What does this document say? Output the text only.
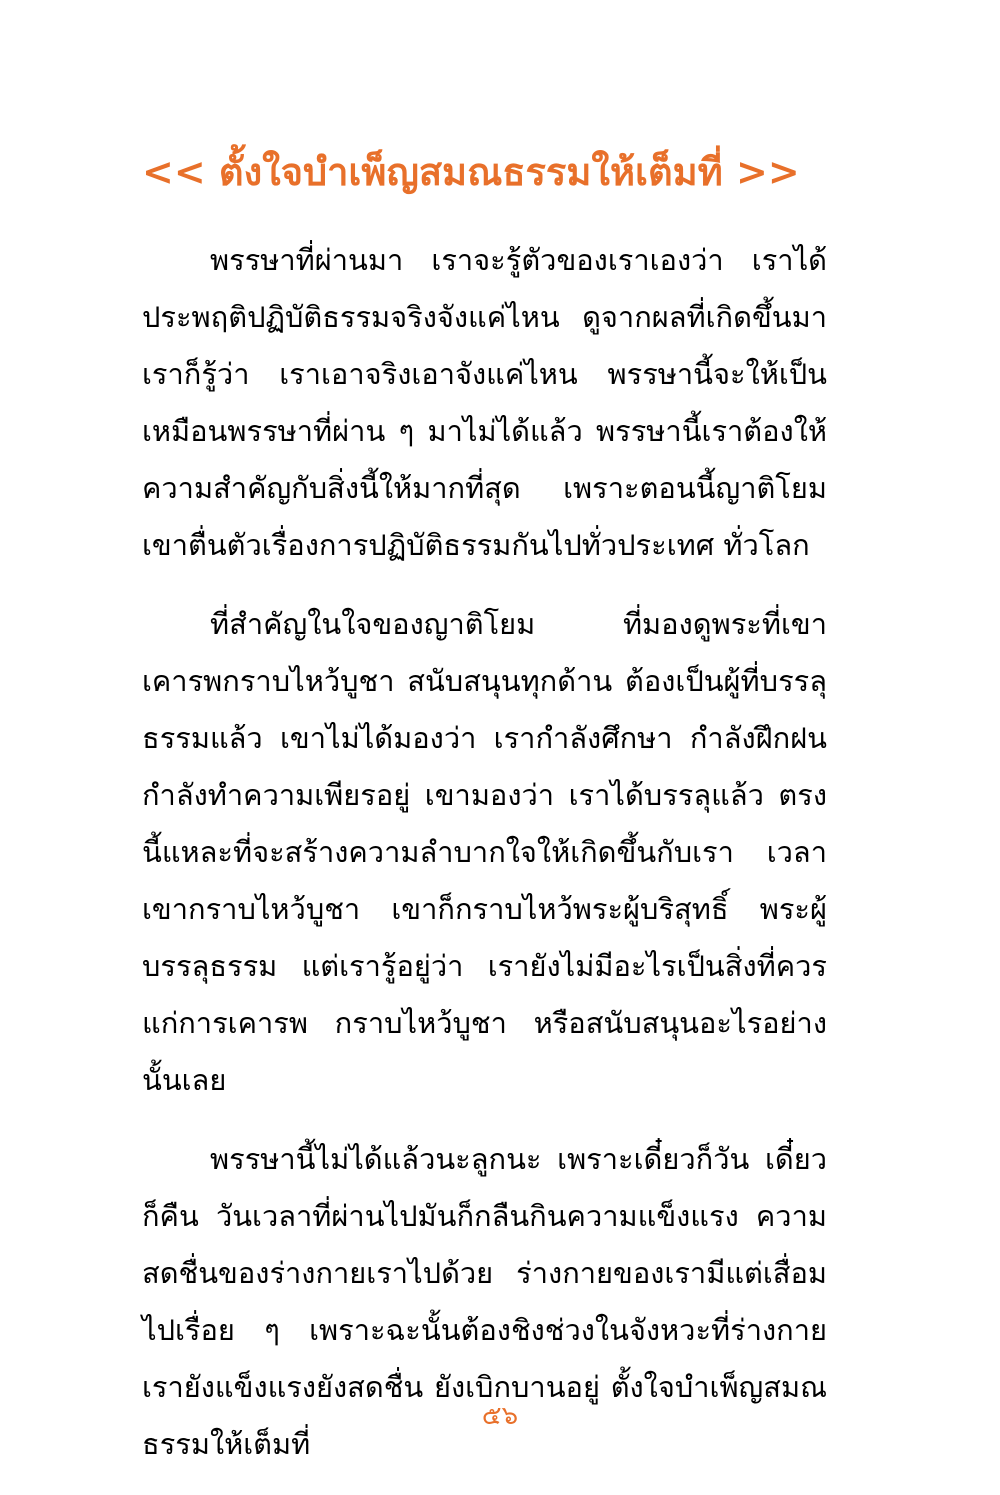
<< ตั้งใจบำเพ็ญสมณธรรมให้เต็มที่ >>

พรรษาที่ผ่านมา เราจะรู้ตัวของเราเองว่า เราได้ประพฤติปฏิบัติธรรมจริงจังแค่ไหน ดูจากผลที่เกิดขึ้นมา เราก็รู้ว่า เราเอาจริงเอาจังแค่ไหน พรรษานี้จะให้เป็นเหมือนพรรษาที่ผ่าน ๆ มาไม่ได้แล้ว พรรษานี้เราต้องให้ความสำคัญกับสิ่งนี้ให้มากที่สุด เพราะตอนนี้ญาติโยมเขาตื่นตัวเรื่องการปฏิบัติธรรมกันไปทั่วประเทศ ทั่วโลก

ที่สำคัญในใจของญาติโยม ที่มองดูพระที่เขาเคารพกราบไหว้บูชา สนับสนุนทุกด้าน ต้องเป็นผู้ที่บรรลุธรรมแล้ว เขาไม่ได้มองว่า เรากำลังศึกษา กำลังฝึกฝน กำลังทำความเพียรอยู่ เขามองว่า เราได้บรรลุแล้ว ตรงนี้แหละที่จะสร้างความลำบากใจให้เกิดขึ้นกับเรา เวลาเขากราบไหว้บูชา เขาก็กราบไหว้พระผู้บริสุทธิ์ พระผู้บรรลุธรรม แต่เรารู้อยู่ว่า เรายังไม่มีอะไรเป็นสิ่งที่ควรแก่การเคารพ กราบไหว้บูชา หรือสนับสนุนอะไรอย่างนั้นเลย

พรรษานี้ไม่ได้แล้วนะลูกนะ เพราะเดี๋ยวก็วัน เดี๋ยวก็คืน วันเวลาที่ผ่านไปมันก็กลืนกินความแข็งแรง ความสดชื่นของร่างกายเราไปด้วย ร่างกายของเรามีแต่เสื่อมไปเรื่อย ๆ เพราะฉะนั้นต้องชิงช่วงในจังหวะที่ร่างกายเรายังแข็งแรงยังสดชื่น ยังเบิกบานอยู่ ตั้งใจบำเพ็ญสมณธรรมให้เต็มที่

๕๖
